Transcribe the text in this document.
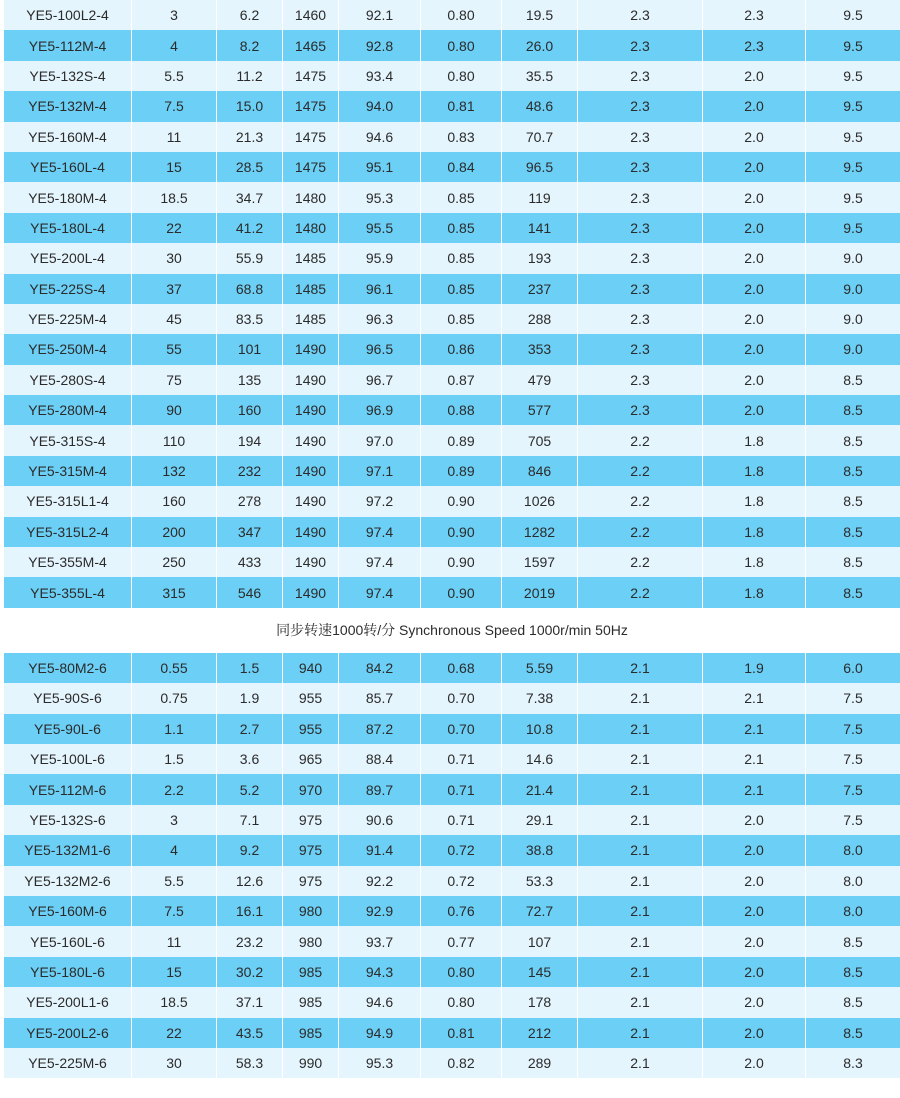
YE5-100L2-4	3	6.2	1460	92.1	0.80	19.5	2.3	2.3	9.5	
YE5-112M-4	4	8.2	1465	92.8	0.80	26.0	2.3	2.3	9.5	
YE5-132S-4	5.5	11.2	1475	93.4	0.80	35.5	2.3	2.0	9.5	
YE5-132M-4	7.5	15.0	1475	94.0	0.81	48.6	2.3	2.0	9.5	
YE5-160M-4	11	21.3	1475	94.6	0.83	70.7	2.3	2.0	9.5	
YE5-160L-4	15	28.5	1475	95.1	0.84	96.5	2.3	2.0	9.5	
YE5-180M-4	18.5	34.7	1480	95.3	0.85	119	2.3	2.0	9.5	
YE5-180L-4	22	41.2	1480	95.5	0.85	141	2.3	2.0	9.5	
YE5-200L-4	30	55.9	1485	95.9	0.85	193	2.3	2.0	9.0	
YE5-225S-4	37	68.8	1485	96.1	0.85	237	2.3	2.0	9.0	
YE5-225M-4	45	83.5	1485	96.3	0.85	288	2.3	2.0	9.0	
YE5-250M-4	55	101	1490	96.5	0.86	353	2.3	2.0	9.0	
YE5-280S-4	75	135	1490	96.7	0.87	479	2.3	2.0	8.5	
YE5-280M-4	90	160	1490	96.9	0.88	577	2.3	2.0	8.5	
YE5-315S-4	110	194	1490	97.0	0.89	705	2.2	1.8	8.5	
YE5-315M-4	132	232	1490	97.1	0.89	846	2.2	1.8	8.5	
YE5-315L1-4	160	278	1490	97.2	0.90	1026	2.2	1.8	8.5	
YE5-315L2-4	200	347	1490	97.4	0.90	1282	2.2	1.8	8.5	
YE5-355M-4	250	433	1490	97.4	0.90	1597	2.2	1.8	8.5	
YE5-355L-4	315	546	1490	97.4	0.90	2019	2.2	1.8	8.5	
同步转速1000转/分 Synchronous Speed 1000r/min 50Hz										
YE5-80M2-6	0.55	1.5	940	84.2	0.68	5.59	2.1	1.9	6.0	
YE5-90S-6	0.75	1.9	955	85.7	0.70	7.38	2.1	2.1	7.5	
YE5-90L-6	1.1	2.7	955	87.2	0.70	10.8	2.1	2.1	7.5	
YE5-100L-6	1.5	3.6	965	88.4	0.71	14.6	2.1	2.1	7.5	
YE5-112M-6	2.2	5.2	970	89.7	0.71	21.4	2.1	2.1	7.5	
YE5-132S-6	3	7.1	975	90.6	0.71	29.1	2.1	2.0	7.5	
YE5-132M1-6	4	9.2	975	91.4	0.72	38.8	2.1	2.0	8.0	
YE5-132M2-6	5.5	12.6	975	92.2	0.72	53.3	2.1	2.0	8.0	
YE5-160M-6	7.5	16.1	980	92.9	0.76	72.7	2.1	2.0	8.0	
YE5-160L-6	11	23.2	980	93.7	0.77	107	2.1	2.0	8.5	
YE5-180L-6	15	30.2	985	94.3	0.80	145	2.1	2.0	8.5	
YE5-200L1-6	18.5	37.1	985	94.6	0.80	178	2.1	2.0	8.5	
YE5-200L2-6	22	43.5	985	94.9	0.81	212	2.1	2.0	8.5	
YE5-225M-6	30	58.3	990	95.3	0.82	289	2.1	2.0	8.3	
